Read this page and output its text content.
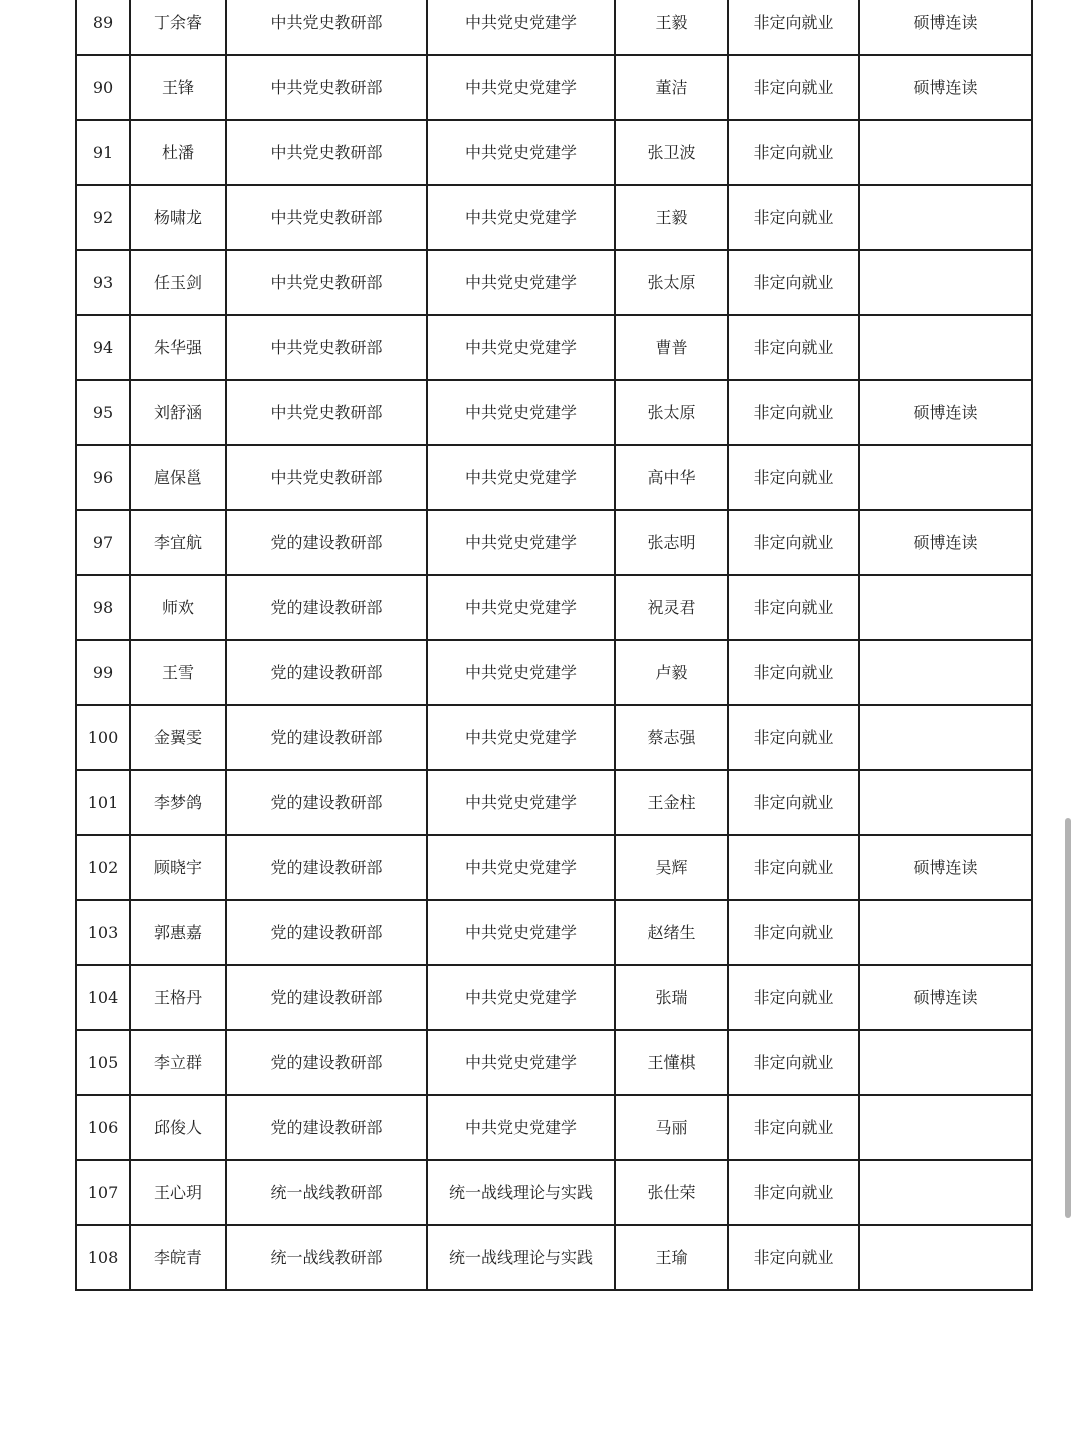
89	丁余睿	中共党史教研部	中共党史党建学	王毅	非定向就业	硕博连读
90	王锋	中共党史教研部	中共党史党建学	董洁	非定向就业	硕博连读
91	杜潘	中共党史教研部	中共党史党建学	张卫波	非定向就业	
92	杨啸龙	中共党史教研部	中共党史党建学	王毅	非定向就业	
93	任玉剑	中共党史教研部	中共党史党建学	张太原	非定向就业	
94	朱华强	中共党史教研部	中共党史党建学	曹普	非定向就业	
95	刘舒涵	中共党史教研部	中共党史党建学	张太原	非定向就业	硕博连读
96	扈保邕	中共党史教研部	中共党史党建学	高中华	非定向就业	
97	李宜航	党的建设教研部	中共党史党建学	张志明	非定向就业	硕博连读
98	师欢	党的建设教研部	中共党史党建学	祝灵君	非定向就业	
99	王雪	党的建设教研部	中共党史党建学	卢毅	非定向就业	
100	金翼雯	党的建设教研部	中共党史党建学	蔡志强	非定向就业	
101	李梦鸽	党的建设教研部	中共党史党建学	王金柱	非定向就业	
102	顾晓宇	党的建设教研部	中共党史党建学	吴辉	非定向就业	硕博连读
103	郭惠嘉	党的建设教研部	中共党史党建学	赵绪生	非定向就业	
104	王格丹	党的建设教研部	中共党史党建学	张瑞	非定向就业	硕博连读
105	李立群	党的建设教研部	中共党史党建学	王懂棋	非定向就业	
106	邱俊人	党的建设教研部	中共党史党建学	马丽	非定向就业	
107	王心玥	统一战线教研部	统一战线理论与实践	张仕荣	非定向就业	
108	李皖青	统一战线教研部	统一战线理论与实践	王瑜	非定向就业	
